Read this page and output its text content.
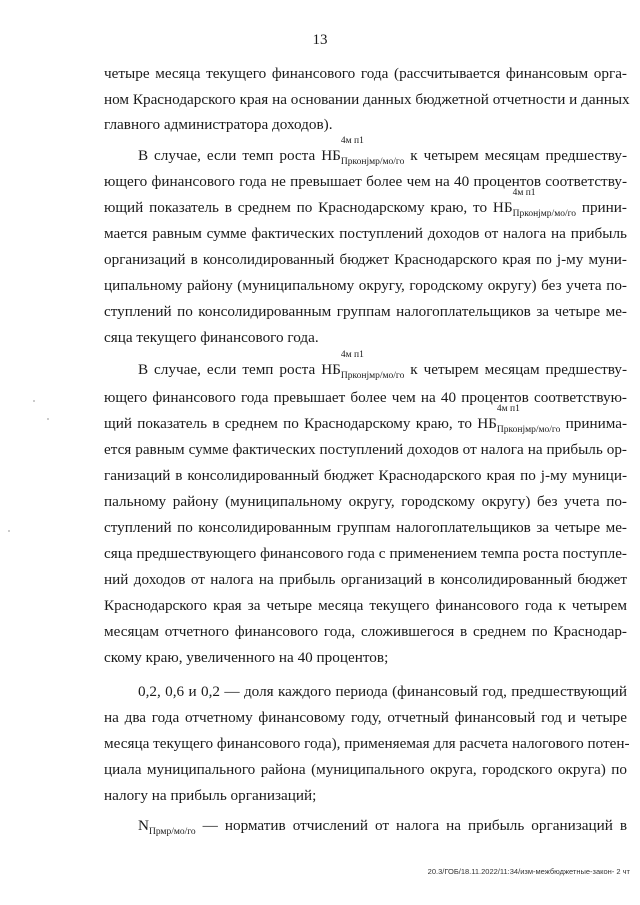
13
четыре месяца текущего финансового года (рассчитывается финансовым орга-
ном Краснодарского края на основании данных бюджетной отчетности и данных
главного администратора доходов).
В случае, если темп роста НБ
4м п1
$_{Прконjмр/мо/го}$ к четырем месяцам предшеству-
ющего финансового года не превышает более чем на 40 процентов соответству-
ющий показатель в среднем по Краснодарскому краю, то НБ
4м п1
$_{Прконjмр/мо/го}$ прини-
мается равным сумме фактических поступлений доходов от налога на прибыль
организаций в консолидированный бюджет Краснодарского края по j-му муни-
ципальному району (муниципальному округу, городскому округу) без учета по-
ступлений по консолидированным группам налогоплательщиков за четыре ме-
сяца текущего финансового года.
В случае, если темп роста НБ
4м п1
$_{Прконjмр/мо/го}$ к четырем месяцам предшеству-
ющего финансового года превышает более чем на 40 процентов соответствую-
щий показатель в среднем по Краснодарскому краю, то НБ
4м п1
$_{Прконjмр/мо/го}$ принима-
ется равным сумме фактических поступлений доходов от налога на прибыль ор-
ганизаций в консолидированный бюджет Краснодарского края по j-му муници-
пальному району (муниципальному округу, городскому округу) без учета по-
ступлений по консолидированным группам налогоплательщиков за четыре ме-
сяца предшествующего финансового года с применением темпа роста поступле-
ний доходов от налога на прибыль организаций в консолидированный бюджет
Краснодарского края за четыре месяца текущего финансового года к четырем
месяцам отчетного финансового года, сложившегося в среднем по Краснодар-
скому краю, увеличенного на 40 процентов;
0,2, 0,6 и 0,2 — доля каждого периода (финансовый год, предшествующий
на два года отчетному финансовому году, отчетный финансовый год и четыре
месяца текущего финансового года), применяемая для расчета налогового потен-
циала муниципального района (муниципального округа, городского округа) по
налогу на прибыль организаций;
$N_{Прмр/мо/го}$ — норматив отчислений от налога на прибыль организаций в
20.3/ГОБ/18.11.2022/11:34/изм-межбюджетные-закон- 2 чт
